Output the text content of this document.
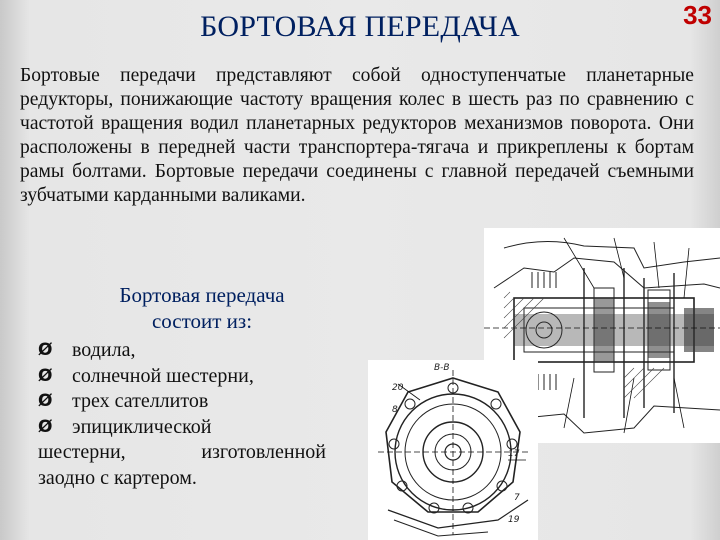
БОРТОВАЯ ПЕРЕДАЧА	33

Бортовые передачи представляют собой одноступенчатые планетарные редукторы, понижающие частоту вращения колес в шесть раз по сравнению с частотой вращения водил планетарных редукторов механизмов поворота. Они расположены в передней части транспортера-тягача и прикреплены к бортам рамы болтами. Бортовые передачи соединены с главной передачей съемными зубчатыми карданными валиками.

В-В
20
8
17
7
19
Бортовая передача
состоит из:
Ø водила,
Ø солнечной шестерни,
Ø трех сателлитов
Ø эпициклической
шестерни, изготовленной
заодно с картером.
